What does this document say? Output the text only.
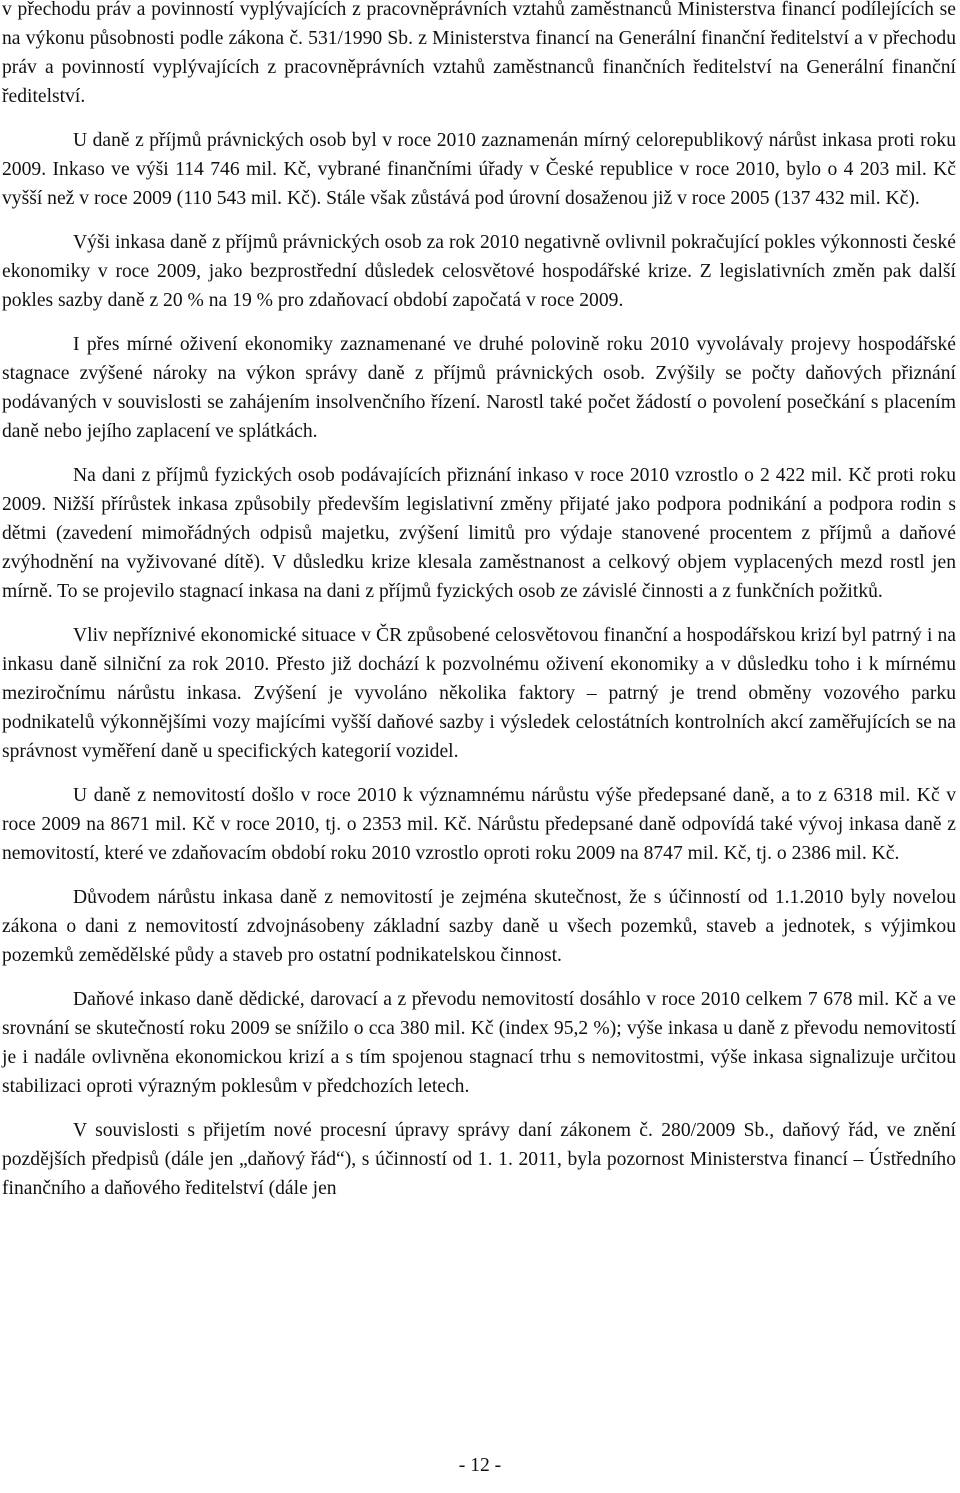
v přechodu práv a povinností vyplývajících z pracovněprávních vztahů zaměstnanců Ministerstva financí podílejících se na výkonu působnosti podle zákona č. 531/1990 Sb. z Ministerstva financí na Generální finanční ředitelství a v přechodu práv a povinností vyplývajících z pracovněprávních vztahů zaměstnanců finančních ředitelství na Generální finanční ředitelství.

U daně z příjmů právnických osob byl v roce 2010 zaznamenán mírný celorepublikový nárůst inkasa proti roku 2009. Inkaso ve výši 114 746 mil. Kč, vybrané finančními úřady v České republice v roce 2010, bylo o 4 203 mil. Kč vyšší než v roce 2009 (110 543 mil. Kč). Stále však zůstává pod úrovní dosaženou již v roce 2005 (137 432 mil. Kč).

Výši inkasa daně z příjmů právnických osob za rok 2010 negativně ovlivnil pokračující pokles výkonnosti české ekonomiky v roce 2009, jako bezprostřední důsledek celosvětové hospodářské krize. Z legislativních změn pak další pokles sazby daně z 20 % na 19 % pro zdaňovací období započatá v roce 2009.

I přes mírné oživení ekonomiky zaznamenané ve druhé polovině roku 2010 vyvolávaly projevy hospodářské stagnace zvýšené nároky na výkon správy daně z příjmů právnických osob. Zvýšily se počty daňových přiznání podávaných v souvislosti se zahájením insolvenčního řízení. Narostl také počet žádostí o povolení posečkání s placením daně nebo jejího zaplacení ve splátkách.

Na dani z příjmů fyzických osob podávajících přiznání inkaso v roce 2010 vzrostlo o 2 422 mil. Kč proti roku 2009. Nižší přírůstek inkasa způsobily především legislativní změny přijaté jako podpora podnikání a podpora rodin s dětmi (zavedení mimořádných odpisů majetku, zvýšení limitů pro výdaje stanovené procentem z příjmů a daňové zvýhodnění na vyživované dítě). V důsledku krize klesala zaměstnanost a celkový objem vyplacených mezd rostl jen mírně. To se projevilo stagnací inkasa na dani z příjmů fyzických osob ze závislé činnosti a z funkčních požitků.

Vliv nepříznivé ekonomické situace v ČR způsobené celosvětovou finanční a hospodářskou krizí byl patrný i na inkasu daně silniční za rok 2010. Přesto již dochází k pozvolnému oživení ekonomiky a v důsledku toho i k mírnému meziročnímu nárůstu inkasa. Zvýšení je vyvoláno několika faktory – patrný je trend obměny vozového parku podnikatelů výkonnějšími vozy majícími vyšší daňové sazby i výsledek celostátních kontrolních akcí zaměřujících se na správnost vyměření daně u specifických kategorií vozidel.

U daně z nemovitostí došlo v roce 2010 k významnému nárůstu výše předepsané daně, a to z 6318 mil. Kč v roce 2009 na 8671 mil. Kč v roce 2010, tj. o 2353 mil. Kč. Nárůstu předepsané daně odpovídá také vývoj inkasa daně z nemovitostí, které ve zdaňovacím období roku 2010 vzrostlo oproti roku 2009 na 8747 mil. Kč, tj. o 2386 mil. Kč.

Důvodem nárůstu inkasa daně z nemovitostí je zejména skutečnost, že s účinností od 1.1.2010 byly novelou zákona o dani z nemovitostí zdvojnásobeny základní sazby daně u všech pozemků, staveb a jednotek, s výjimkou pozemků zemědělské půdy a staveb pro ostatní podnikatelskou činnost.

Daňové inkaso daně dědické, darovací a z převodu nemovitostí dosáhlo v roce 2010 celkem 7 678 mil. Kč a ve srovnání se skutečností roku 2009 se snížilo o cca 380 mil. Kč (index 95,2 %); výše inkasa u daně z převodu nemovitostí je i nadále ovlivněna ekonomickou krizí a s tím spojenou stagnací trhu s nemovitostmi, výše inkasa signalizuje určitou stabilizaci oproti výrazným poklesům v předchozích letech.

V souvislosti s přijetím nové procesní úpravy správy daní zákonem č. 280/2009 Sb., daňový řád, ve znění pozdějších předpisů (dále jen „daňový řád“), s účinností od 1. 1. 2011, byla pozornost Ministerstva financí – Ústředního finančního a daňového ředitelství (dále jen

- 12 -
